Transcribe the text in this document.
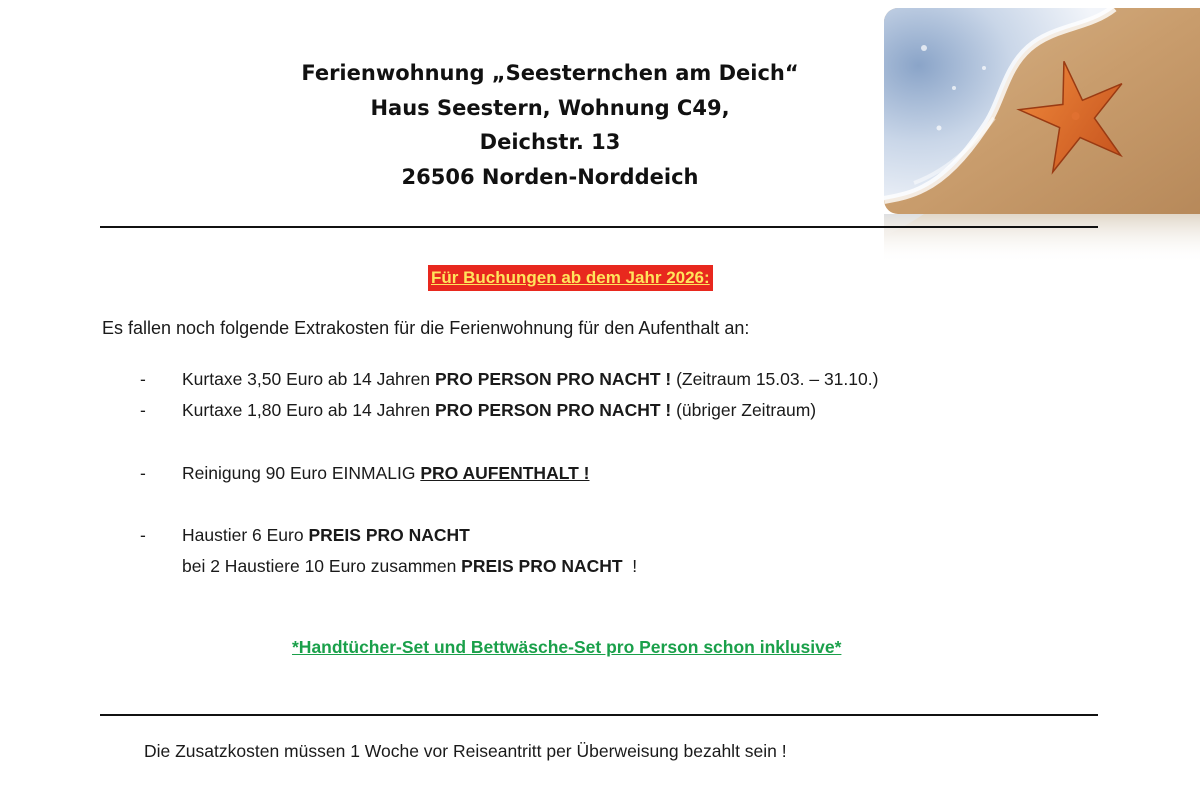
Ferienwohnung „Seesternchen am Deich“
Haus Seestern, Wohnung C49,
Deichstr. 13
26506 Norden-Norddeich
Für Buchungen ab dem Jahr 2026:
Es fallen noch folgende Extrakosten für die Ferienwohnung für den Aufenthalt an:
- Kurtaxe 3,50 Euro ab 14 Jahren PRO PERSON PRO NACHT ! (Zeitraum 15.03. – 31.10.)
- Kurtaxe 1,80 Euro ab 14 Jahren PRO PERSON PRO NACHT ! (übriger Zeitraum)
- Reinigung 90 Euro EINMALIG PRO AUFENTHALT !
- Haustier 6 Euro PREIS PRO NACHT
bei 2 Haustiere 10 Euro zusammen PREIS PRO NACHT  !
*Handtücher-Set und Bettwäsche-Set pro Person schon inklusive*
Die Zusatzkosten müssen 1 Woche vor Reiseantritt per Überweisung bezahlt sein !
